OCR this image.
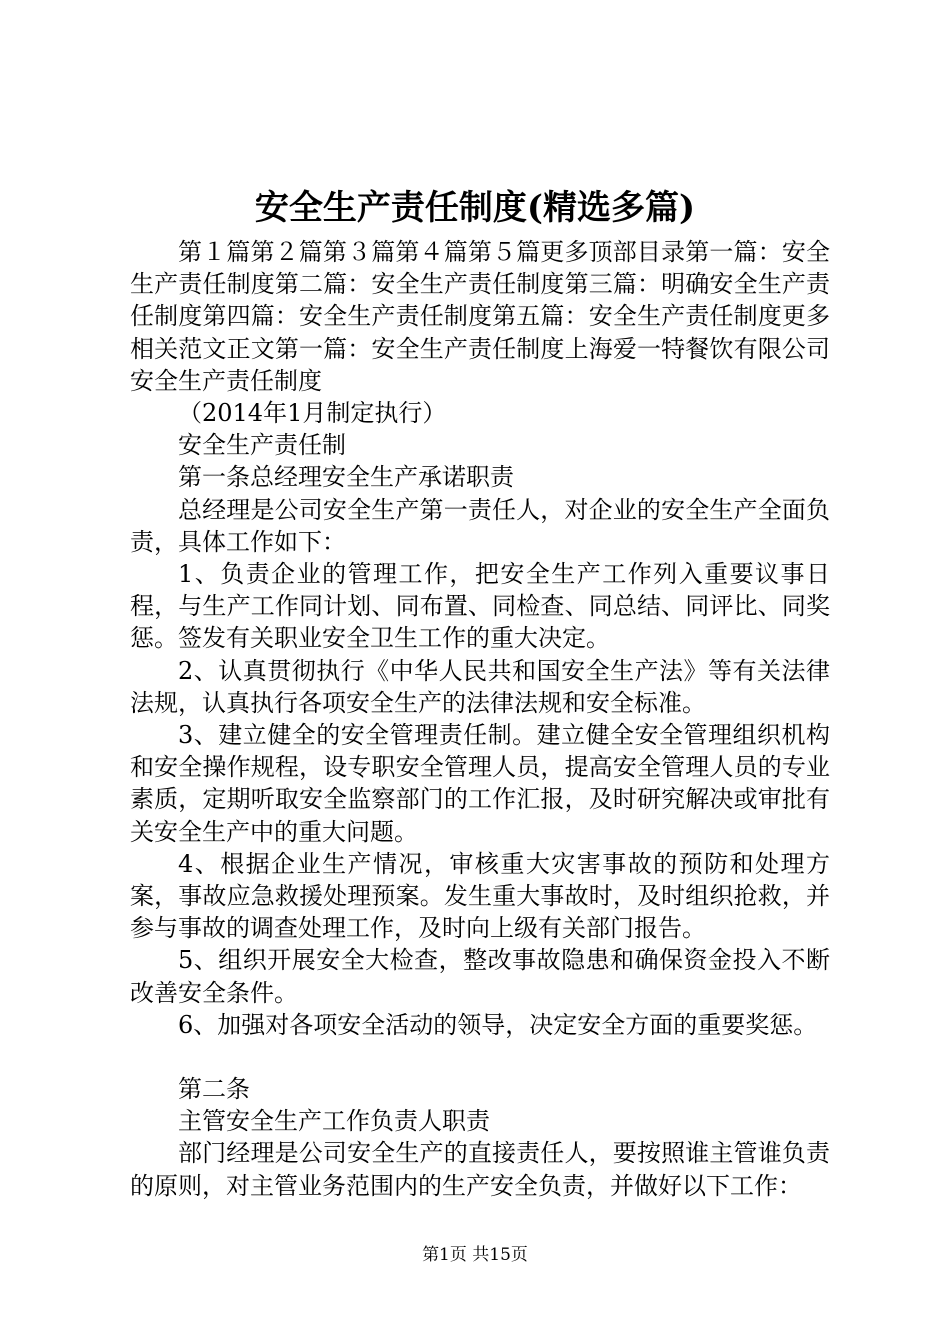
安全生产责任制度(精选多篇)

第１篇第２篇第３篇第４篇第５篇更多顶部目录第一篇：安全生产责任制度第二篇：安全生产责任制度第三篇：明确安全生产责任制度第四篇：安全生产责任制度第五篇：安全生产责任制度更多相关范文正文第一篇：安全生产责任制度上海爱一特餐饮有限公司安全生产责任制度

（2014年1月制定执行）

安全生产责任制

第一条总经理安全生产承诺职责

总经理是公司安全生产第一责任人，对企业的安全生产全面负责，具体工作如下：

1、负责企业的管理工作，把安全生产工作列入重要议事日程，与生产工作同计划、同布置、同检查、同总结、同评比、同奖惩。签发有关职业安全卫生工作的重大决定。

2、认真贯彻执行《中华人民共和国安全生产法》等有关法律法规，认真执行各项安全生产的法律法规和安全标准。

3、建立健全的安全管理责任制。建立健全安全管理组织机构和安全操作规程，设专职安全管理人员，提高安全管理人员的专业素质，定期听取安全监察部门的工作汇报，及时研究解决或审批有关安全生产中的重大问题。

4、根据企业生产情况，审核重大灾害事故的预防和处理方案，事故应急救援处理预案。发生重大事故时，及时组织抢救，并参与事故的调查处理工作，及时向上级有关部门报告。

5、组织开展安全大检查，整改事故隐患和确保资金投入不断改善安全条件。

6、加强对各项安全活动的领导，决定安全方面的重要奖惩。

第二条

主管安全生产工作负责人职责

部门经理是公司安全生产的直接责任人，要按照谁主管谁负责的原则，对主管业务范围内的生产安全负责，并做好以下工作：

第1页 共15页
